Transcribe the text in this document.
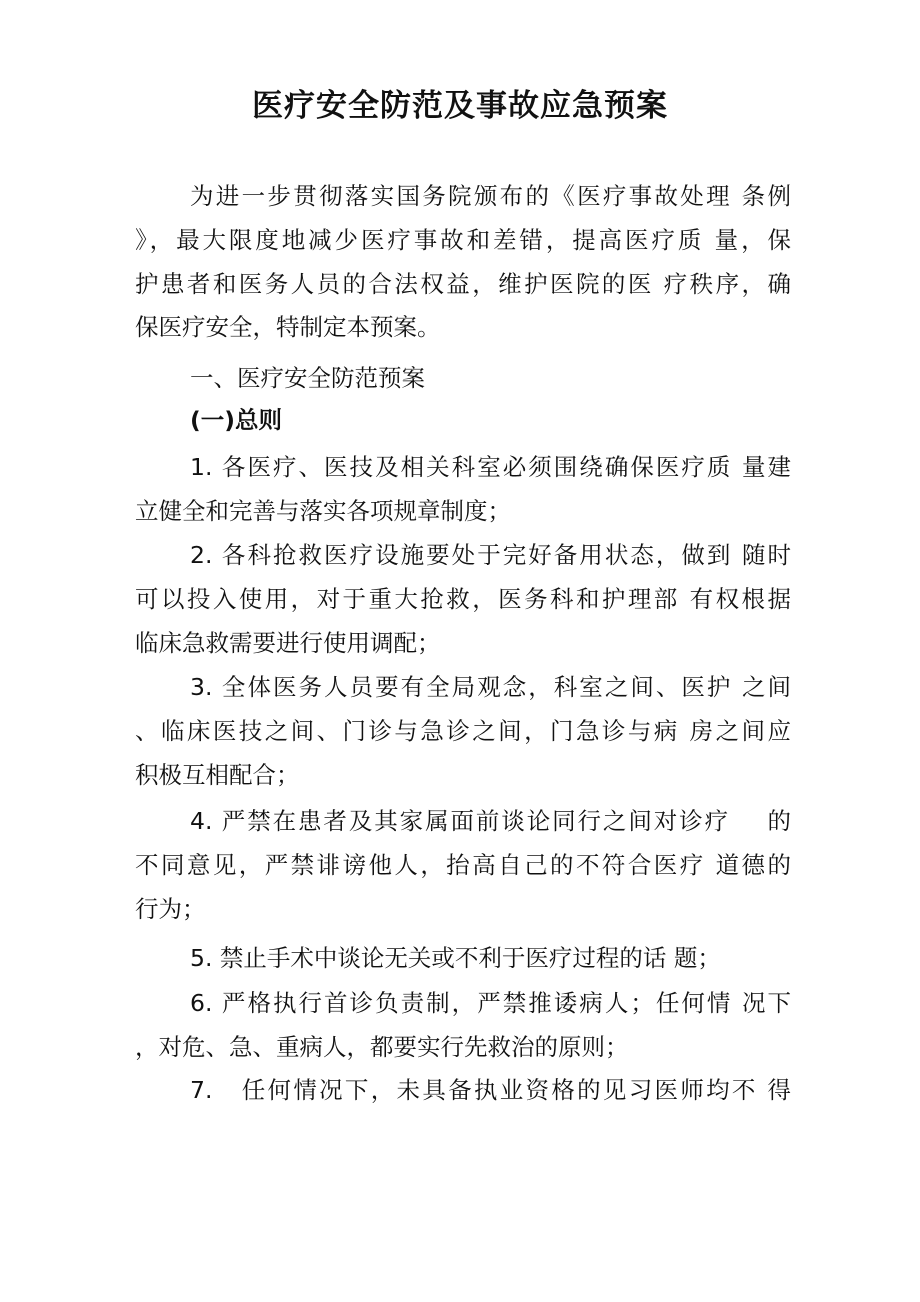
医疗安全防范及事故应急预案
为进一步贯彻落实国务院颁布的《医疗事故处理 条例
》，最大限度地减少医疗事故和差错，提高医疗质 量，保
护患者和医务人员的合法权益，维护医院的医 疗秩序，确
保医疗安全，特制定本预案。
一、医疗安全防范预案
(一)总则
1. 各医疗、医技及相关科室必须围绕确保医疗质 量建
立健全和完善与落实各项规章制度；
2. 各科抢救医疗设施要处于完好备用状态，做到 随时
可以投入使用，对于重大抢救，医务科和护理部 有权根据
临床急救需要进行使用调配；
3. 全体医务人员要有全局观念，科室之间、医护 之间
、临床医技之间、门诊与急诊之间，门急诊与病 房之间应
积极互相配合；
4. 严禁在患者及其家属面前谈论同行之间对诊疗    的
不同意见，严禁诽谤他人，抬高自己的不符合医疗 道德的
行为；
5. 禁止手术中谈论无关或不利于医疗过程的话 题；
6. 严格执行首诊负责制，严禁推诿病人；任何情 况下
，对危、急、重病人，都要实行先救治的原则；
7.   任何情况下，未具备执业资格的见习医师均不 得
